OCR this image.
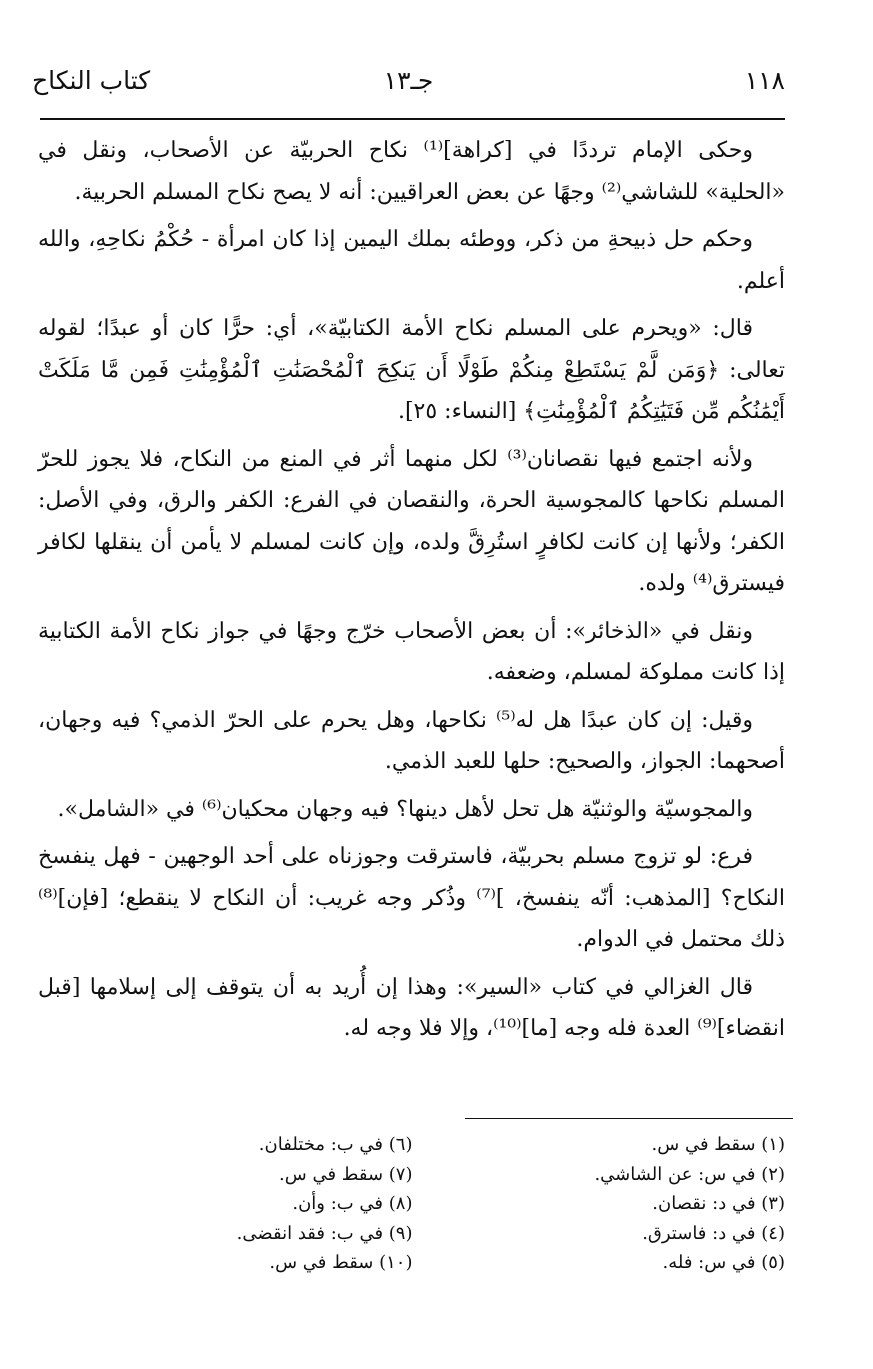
١١٨
جـ١٣
كتاب النكاح

وحكى الإمام ترددًا في [كراهة]⁽¹⁾ نكاح الحربيّة عن الأصحاب، ونقل في «الحلية» للشاشي⁽²⁾ وجهًا عن بعض العراقيين: أنه لا يصح نكاح المسلم الحربية.

وحكم حل ذبيحةِ من ذكر، ووطئه بملك اليمين إذا كان امرأة - حُكْمُ نكاحِهِ، والله أعلم.

قال: «ويحرم على المسلم نكاح الأمة الكتابيّة»، أي: حرًّا كان أو عبدًا؛ لقوله تعالى: ﴿وَمَن لَّمْ يَسْتَطِعْ مِنكُمْ طَوْلًا أَن يَنكِحَ ٱلْمُحْصَنَٰتِ ٱلْمُؤْمِنَٰتِ فَمِن مَّا مَلَكَتْ أَيْمَٰنُكُم مِّن فَتَيَٰتِكُمُ ٱلْمُؤْمِنَٰتِ﴾ [النساء: ٢٥].

ولأنه اجتمع فيها نقصانان⁽³⁾ لكل منهما أثر في المنع من النكاح، فلا يجوز للحرّ المسلم نكاحها كالمجوسية الحرة، والنقصان في الفرع: الكفر والرق، وفي الأصل: الكفر؛ ولأنها إن كانت لكافرٍ استُرِقَّ ولده، وإن كانت لمسلم لا يأمن أن ينقلها لكافر فيسترق⁽⁴⁾ ولده.

ونقل في «الذخائر»: أن بعض الأصحاب خرّج وجهًا في جواز نكاح الأمة الكتابية إذا كانت مملوكة لمسلم، وضعفه.

وقيل: إن كان عبدًا هل له⁽⁵⁾ نكاحها، وهل يحرم على الحرّ الذمي؟ فيه وجهان، أصحهما: الجواز، والصحيح: حلها للعبد الذمي.

والمجوسيّة والوثنيّة هل تحل لأهل دينها؟ فيه وجهان محكيان⁽⁶⁾ في «الشامل».

فرع: لو تزوج مسلم بحربيّة، فاسترقت وجوزناه على أحد الوجهين - فهل ينفسخ النكاح؟ [المذهب: أنّه ينفسخ، ]⁽⁷⁾ وذُكر وجه غريب: أن النكاح لا ينقطع؛ [فإن]⁽⁸⁾ ذلك محتمل في الدوام.

قال الغزالي في كتاب «السير»: وهذا إن أُريد به أن يتوقف إلى إسلامها [قبل انقضاء]⁽⁹⁾ العدة فله وجه [ما]⁽¹⁰⁾، وإلا فلا وجه له.

(١) سقط في س.
(٢) في س: عن الشاشي.
(٣) في د: نقصان.
(٤) في د: فاسترق.
(٥) في س: فله.
(٦) في ب: مختلفان.
(٧) سقط في س.
(٨) في ب: وأن.
(٩) في ب: فقد انقضى.
(١٠) سقط في س.
